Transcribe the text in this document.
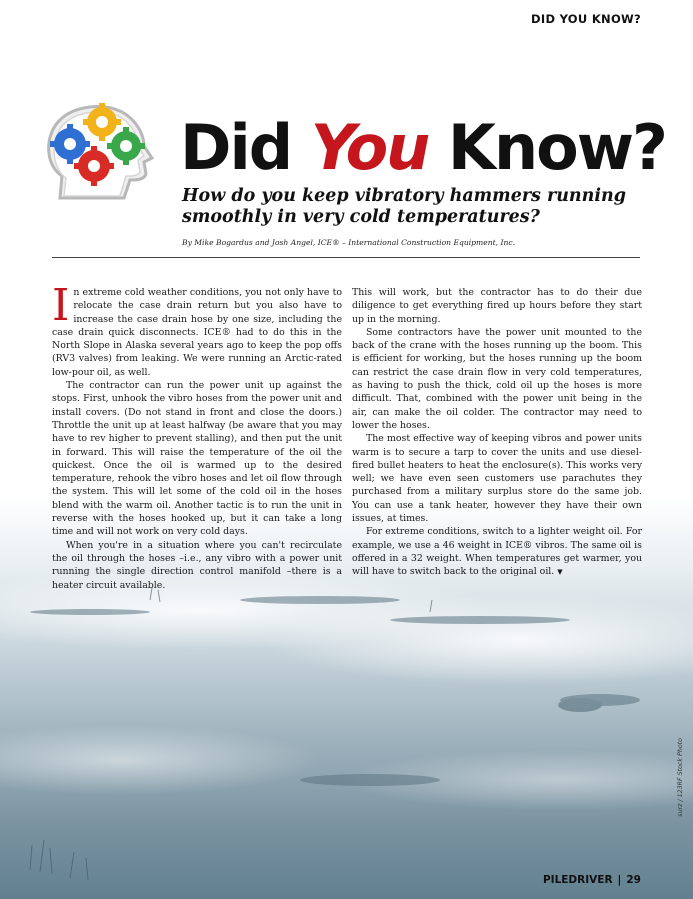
DID YOU KNOW?
Did You Know?
How do you keep vibratory hammers running smoothly in very cold temperatures?
By Mike Bogardus and Josh Angel, ICE® – International Construction Equipment, Inc.

In extreme cold weather conditions, you not only have to relocate the case drain return but you also have to increase the case drain hose by one size, including the case drain quick disconnects. ICE® had to do this in the North Slope in Alaska several years ago to keep the pop offs (RV3 valves) from leaking. We were running an Arctic-rated low-pour oil, as well.

The contractor can run the power unit up against the stops. First, unhook the vibro hoses from the power unit and install covers. (Do not stand in front and close the doors.) Throttle the unit up at least halfway (be aware that you may have to rev higher to prevent stalling), and then put the unit in forward. This will raise the temperature of the oil the quickest. Once the oil is warmed up to the desired temperature, rehook the vibro hoses and let oil flow through the system. This will let some of the cold oil in the hoses blend with the warm oil. Another tactic is to run the unit in reverse with the hoses hooked up, but it can take a long time and will not work on very cold days.

When you're in a situation where you can't recirculate the oil through the hoses –i.e., any vibro with a power unit running the single direction control manifold –there is a heater circuit available.

This will work, but the contractor has to do their due diligence to get everything fired up hours before they start up in the morning.

Some contractors have the power unit mounted to the back of the crane with the hoses running up the boom. This is efficient for working, but the hoses running up the boom can restrict the case drain flow in very cold temperatures, as having to push the thick, cold oil up the hoses is more difficult. That, combined with the power unit being in the air, can make the oil colder. The contractor may need to lower the hoses.

The most effective way of keeping vibros and power units warm is to secure a tarp to cover the units and use diesel-fired bullet heaters to heat the enclosure(s). This works very well; we have even seen customers use parachutes they purchased from a military surplus store do the same job. You can use a tank heater, however they have their own issues, at times.

For extreme conditions, switch to a lighter weight oil. For example, we use a 46 weight in ICE® vibros. The same oil is offered in a 32 weight. When temperatures get warmer, you will have to switch back to the original oil. ▼

surz / 123RF Stock Photo
PILEDRIVER | 29
